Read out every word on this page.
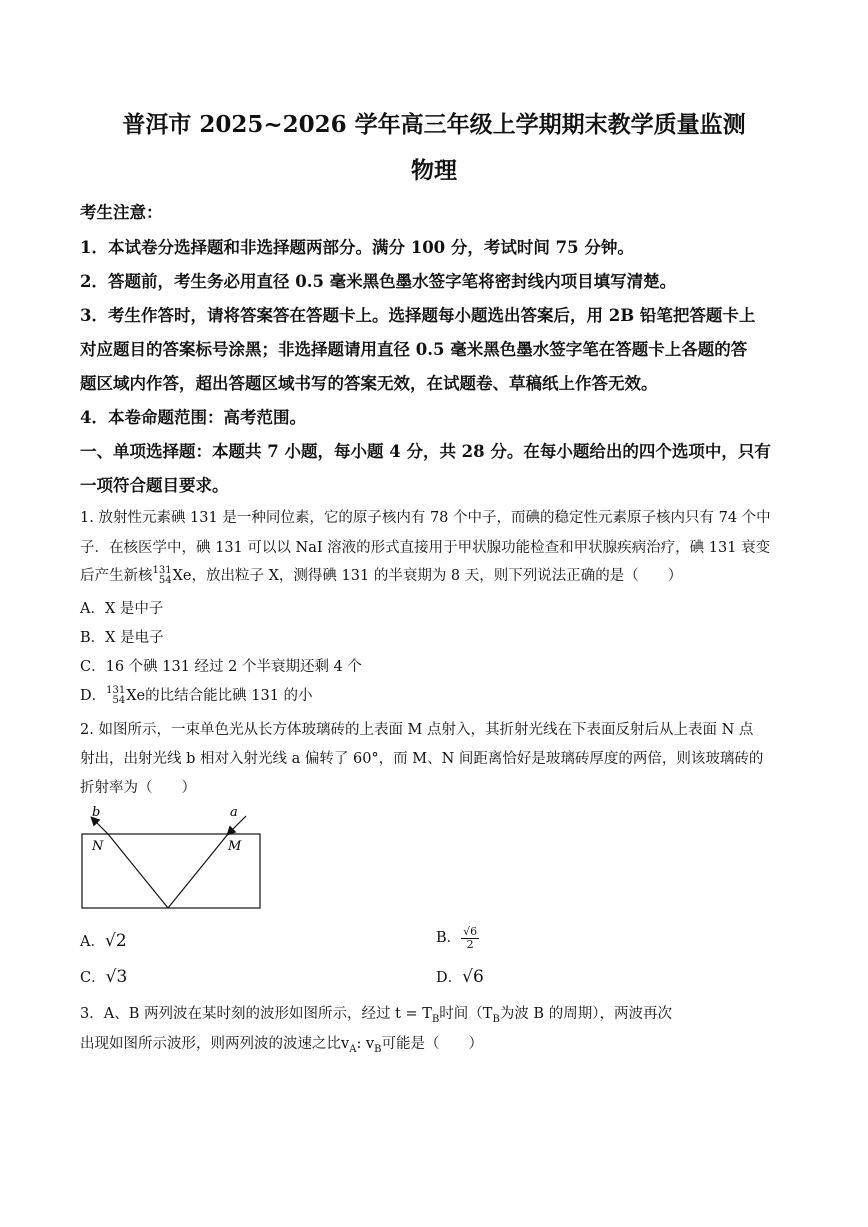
普洱市 2025~2026 学年高三年级上学期期末教学质量监测
物理
考生注意：
1．本试卷分选择题和非选择题两部分。满分 100 分，考试时间 75 分钟。
2．答题前，考生务必用直径 0.5 毫米黑色墨水签字笔将密封线内项目填写清楚。
3．考生作答时，请将答案答在答题卡上。选择题每小题选出答案后，用 2B 铅笔把答题卡上
对应题目的答案标号涂黑；非选择题请用直径 0.5 毫米黑色墨水签字笔在答题卡上各题的答
题区域内作答，超出答题区域书写的答案无效，在试题卷、草稿纸上作答无效。
4．本卷命题范围：高考范围。
一、单项选择题：本题共 7 小题，每小题 4 分，共 28 分。在每小题给出的四个选项中，只有
一项符合题目要求。
1. 放射性元素碘 131 是一种同位素，它的原子核内有 78 个中子，而碘的稳定性元素原子核内只有 74 个中
子．在核医学中，碘 131 可以以 NaI 溶液的形式直接用于甲状腺功能检查和甲状腺疾病治疗，碘 131 衰变
后产生新核131
54Xe，放出粒子 X，测得碘 131 的半衰期为 8 天，则下列说法正确的是（　　）
A．X 是中子
B．X 是电子
C．16 个碘 131 经过 2 个半衰期还剩 4 个
D．131
54Xe的比结合能比碘 131 的小
2. 如图所示，一束单色光从长方体玻璃砖的上表面 M 点射入，其折射光线在下表面反射后从上表面 N 点
射出，出射光线 b 相对入射光线 a 偏转了 60°，而 M、N 间距离恰好是玻璃砖厚度的两倍，则该玻璃砖的
折射率为（　　）
b	a
N	M
A．√2	B．$\frac{√6}{2}$
C．√3	D．√6
3．A、B 两列波在某时刻的波形如图所示，经过 $t = T_B$时间（$T_B$为波 B 的周期），两波再次
出现如图所示波形，则两列波的波速之比$v_A$: $v_B$可能是（　　）
